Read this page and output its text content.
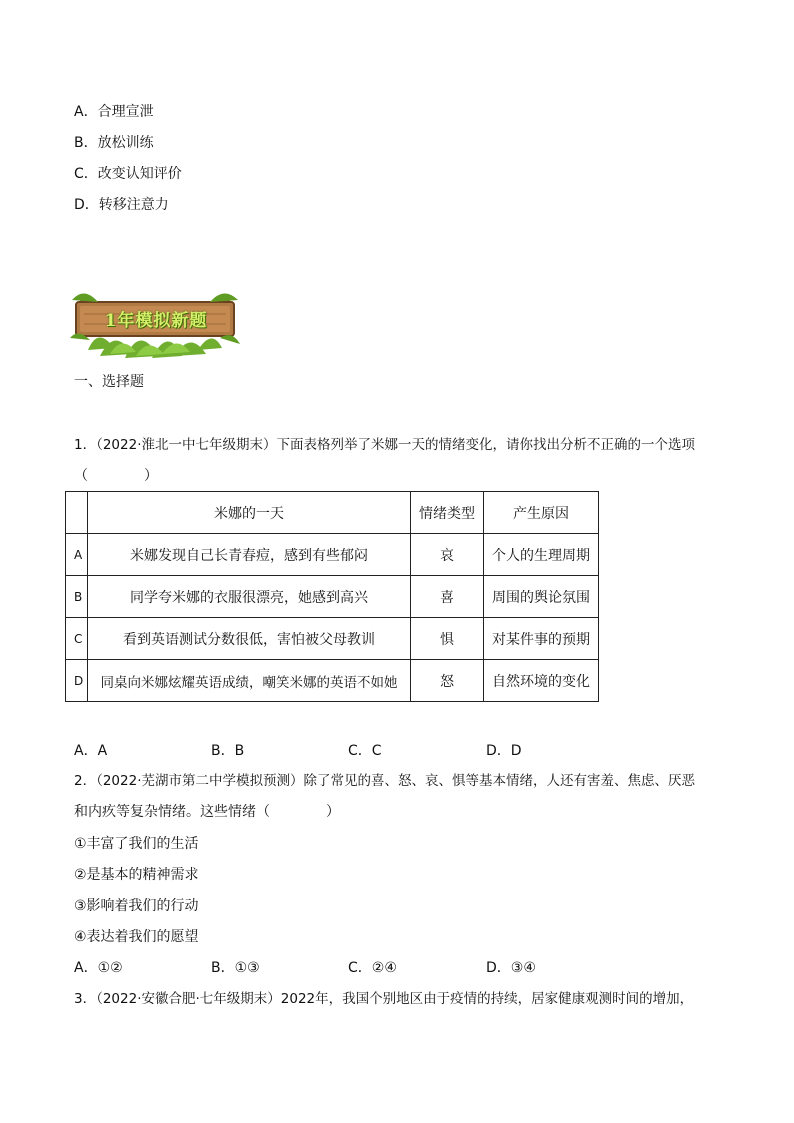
A．合理宣泄
B．放松训练
C．改变认知评价
D．转移注意力
1年模拟新题
一、选择题
1．（2022·淮北一中七年级期末）下面表格列举了米娜一天的情绪变化，请你找出分析不正确的一个选项
（　　　　）
	米娜的一天	情绪类型	产生原因
A	米娜发现自己长青春痘，感到有些郁闷	哀	个人的生理周期
B	同学夸米娜的衣服很漂亮，她感到高兴	喜	周围的舆论氛围
C	看到英语测试分数很低，害怕被父母教训	惧	对某件事的预期
D	同桌向米娜炫耀英语成绩，嘲笑米娜的英语不如她	怒	自然环境的变化
A．A	B．B	C．C	D．D
2．（2022·芜湖市第二中学模拟预测）除了常见的喜、怒、哀、惧等基本情绪，人还有害羞、焦虑、厌恶
和内疚等复杂情绪。这些情绪（　　　　）
①丰富了我们的生活
②是基本的精神需求
③影响着我们的行动
④表达着我们的愿望
A．①②	B．①③	C．②④	D．③④
3．（2022·安徽合肥·七年级期末）2022年，我国个别地区由于疫情的持续，居家健康观测时间的增加，
